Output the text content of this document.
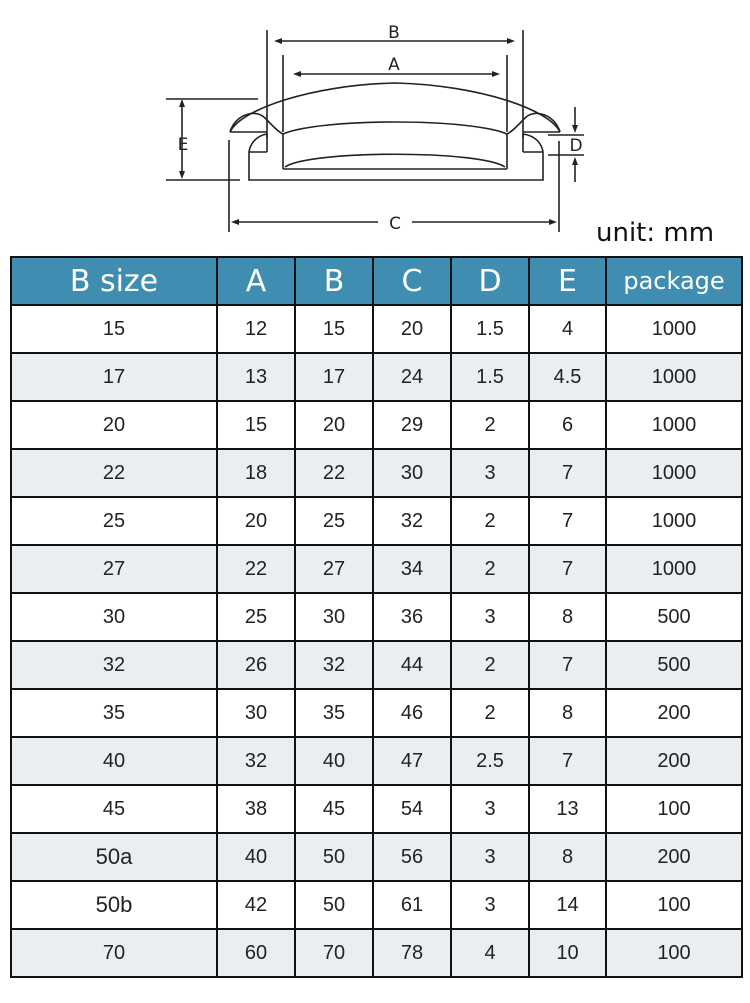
B
A
E
C
D
unit: mm
B size	A	B	C	D	E	package
15	12	15	20	1.5	4	1000
17	13	17	24	1.5	4.5	1000
20	15	20	29	2	6	1000
22	18	22	30	3	7	1000
25	20	25	32	2	7	1000
27	22	27	34	2	7	1000
30	25	30	36	3	8	500
32	26	32	44	2	7	500
35	30	35	46	2	8	200
40	32	40	47	2.5	7	200
45	38	45	54	3	13	100
50a	40	50	56	3	8	200
50b	42	50	61	3	14	100
70	60	70	78	4	10	100
